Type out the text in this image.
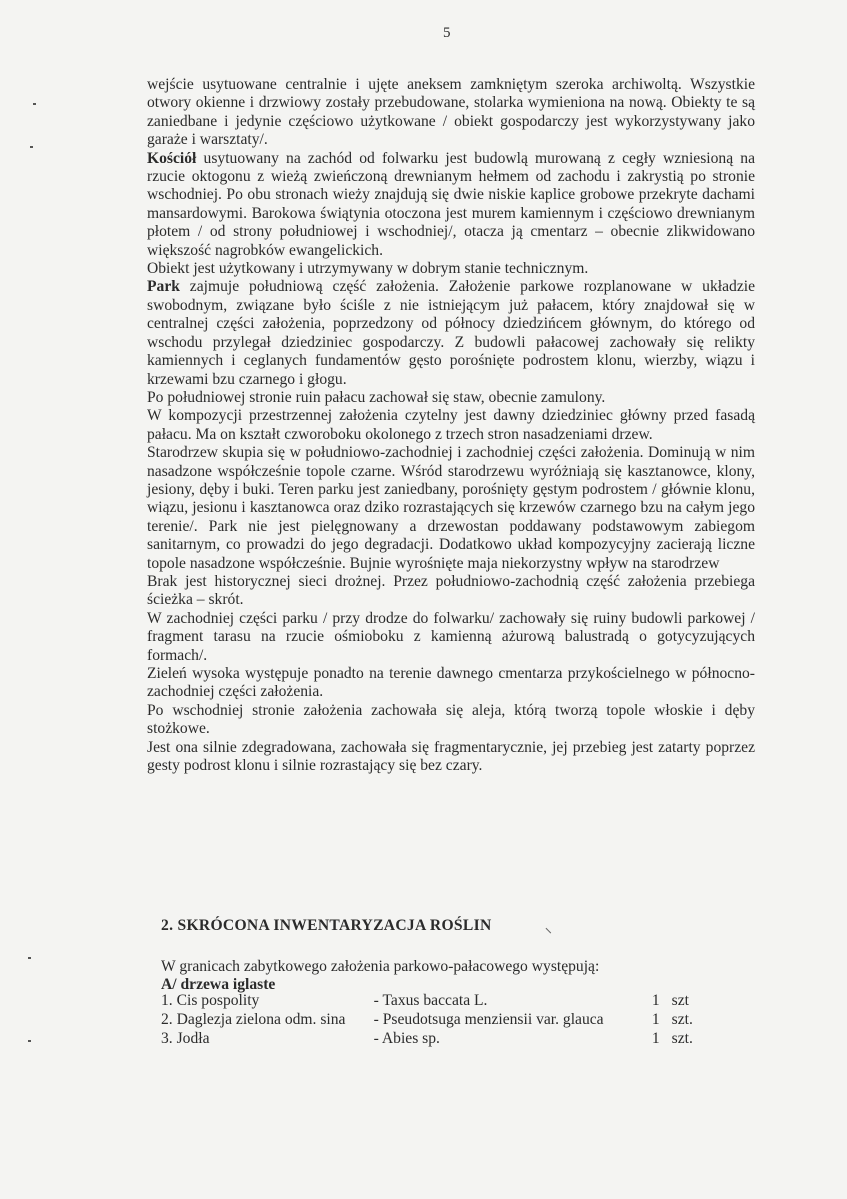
5

wejście usytuowane centralnie i ujęte aneksem zamkniętym szeroka archiwoltą. Wszystkie otwory okienne i drzwiowy zostały przebudowane, stolarka wymieniona na nową. Obiekty te są zaniedbane i jedynie częściowo użytkowane / obiekt gospodarczy jest wykorzystywany jako garaże i warsztaty/.

Kościół usytuowany na zachód od folwarku jest budowlą murowaną z cegły wzniesioną na rzucie oktogonu z wieżą zwieńczoną drewnianym hełmem od zachodu i zakrystią po stronie wschodniej. Po obu stronach wieży znajdują się dwie niskie kaplice grobowe przekryte dachami mansardowymi. Barokowa świątynia otoczona jest murem kamiennym i częściowo drewnianym płotem / od strony południowej i wschodniej/, otacza ją cmentarz – obecnie zlikwidowano większość nagrobków ewangelickich.

Obiekt jest użytkowany i utrzymywany w dobrym stanie technicznym.

Park zajmuje południową część założenia. Założenie parkowe rozplanowane w układzie swobodnym, związane było ściśle z nie istniejącym już pałacem, który znajdował się w centralnej części założenia, poprzedzony od północy dziedzińcem głównym, do którego od wschodu przylegał dziedziniec gospodarczy. Z budowli pałacowej zachowały się relikty kamiennych i ceglanych fundamentów gęsto porośnięte podrostem klonu, wierzby, wiązu i krzewami bzu czarnego i głogu.

Po południowej stronie ruin pałacu zachował się staw, obecnie zamulony.

W kompozycji przestrzennej założenia czytelny jest dawny dziedziniec główny przed fasadą pałacu. Ma on kształt czworoboku okolonego z trzech stron nasadzeniami drzew.

Starodrzew skupia się w południowo-zachodniej i zachodniej części założenia. Dominują w nim nasadzone współcześnie topole czarne. Wśród starodrzewu wyróżniają się kasztanowce, klony, jesiony, dęby i buki. Teren parku jest zaniedbany, porośnięty gęstym podrostem / głównie klonu, wiązu, jesionu i kasztanowca oraz dziko rozrastających się krzewów czarnego bzu na całym jego terenie/. Park nie jest pielęgnowany a drzewostan poddawany podstawowym zabiegom sanitarnym, co prowadzi do jego degradacji. Dodatkowo układ kompozycyjny zacierają liczne topole nasadzone współcześnie. Bujnie wyrośnięte maja niekorzystny wpływ na starodrzew

Brak jest historycznej sieci drożnej. Przez południowo-zachodnią część założenia przebiega ścieżka – skrót.

W zachodniej części parku / przy drodze do folwarku/ zachowały się ruiny budowli parkowej / fragment tarasu na rzucie ośmioboku z kamienną ażurową balustradą o gotycyzujących formach/.

Zieleń wysoka występuje ponadto na terenie dawnego cmentarza przykościelnego w północno-zachodniej części założenia.

Po wschodniej stronie założenia zachowała się aleja, którą tworzą topole włoskie i dęby stożkowe.

Jest ona silnie zdegradowana, zachowała się fragmentarycznie, jej przebieg jest zatarty poprzez gesty podrost klonu i silnie rozrastający się bez czary.

2. SKRÓCONA INWENTARYZACJA ROŚLIN
W granicach zabytkowego założenia parkowo-pałacowego występują:
A/ drzewa iglaste
1. Cis pospolity	- Taxus baccata L.	1	szt
2. Daglezja zielona odm. sina	- Pseudotsuga menziensii var. glauca	1	szt.
3. Jodła	- Abies sp.	1	szt.
